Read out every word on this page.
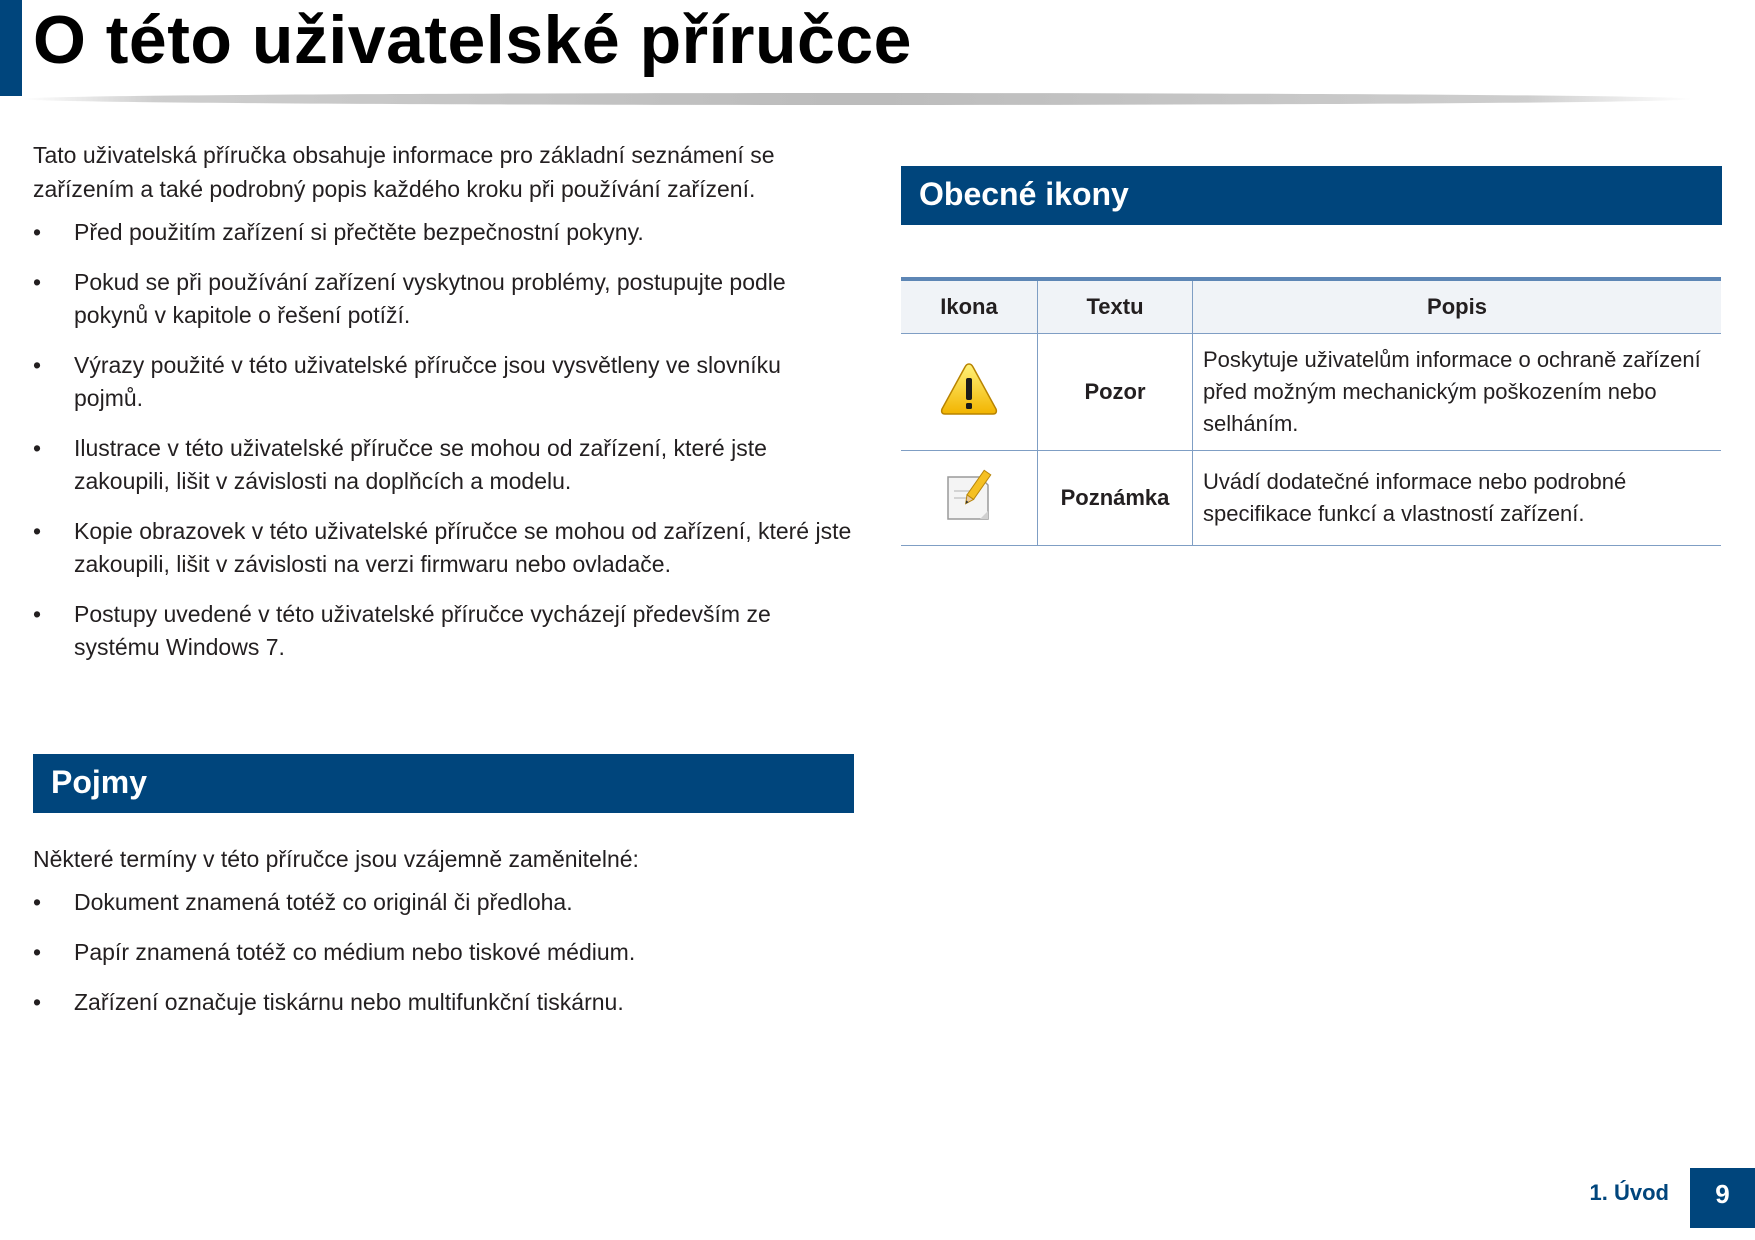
O této uživatelské příručce

Tato uživatelská příručka obsahuje informace pro základní seznámení se zařízením a také podrobný popis každého kroku při používání zařízení.

• Před použitím zařízení si přečtěte bezpečnostní pokyny.
• Pokud se při používání zařízení vyskytnou problémy, postupujte podle pokynů v kapitole o řešení potíží.
• Výrazy použité v této uživatelské příručce jsou vysvětleny ve slovníku pojmů.
• Ilustrace v této uživatelské příručce se mohou od zařízení, které jste zakoupili, lišit v závislosti na doplňcích a modelu.
• Kopie obrazovek v této uživatelské příručce se mohou od zařízení, které jste zakoupili, lišit v závislosti na verzi firmwaru nebo ovladače.
• Postupy uvedené v této uživatelské příručce vycházejí především ze systému Windows 7.
Pojmy

Některé termíny v této příručce jsou vzájemně zaměnitelné:

• Dokument znamená totéž co originál či předloha.
• Papír znamená totéž co médium nebo tiskové médium.
• Zařízení označuje tiskárnu nebo multifunkční tiskárnu.
Obecné ikony
Ikona	Textu	Popis
	Pozor	Poskytuje uživatelům informace o ochraně zařízení před možným mechanickým poškozením nebo selháním.
	Poznámka	Uvádí dodatečné informace nebo podrobné specifikace funkcí a vlastností zařízení.
1. Úvod	9
